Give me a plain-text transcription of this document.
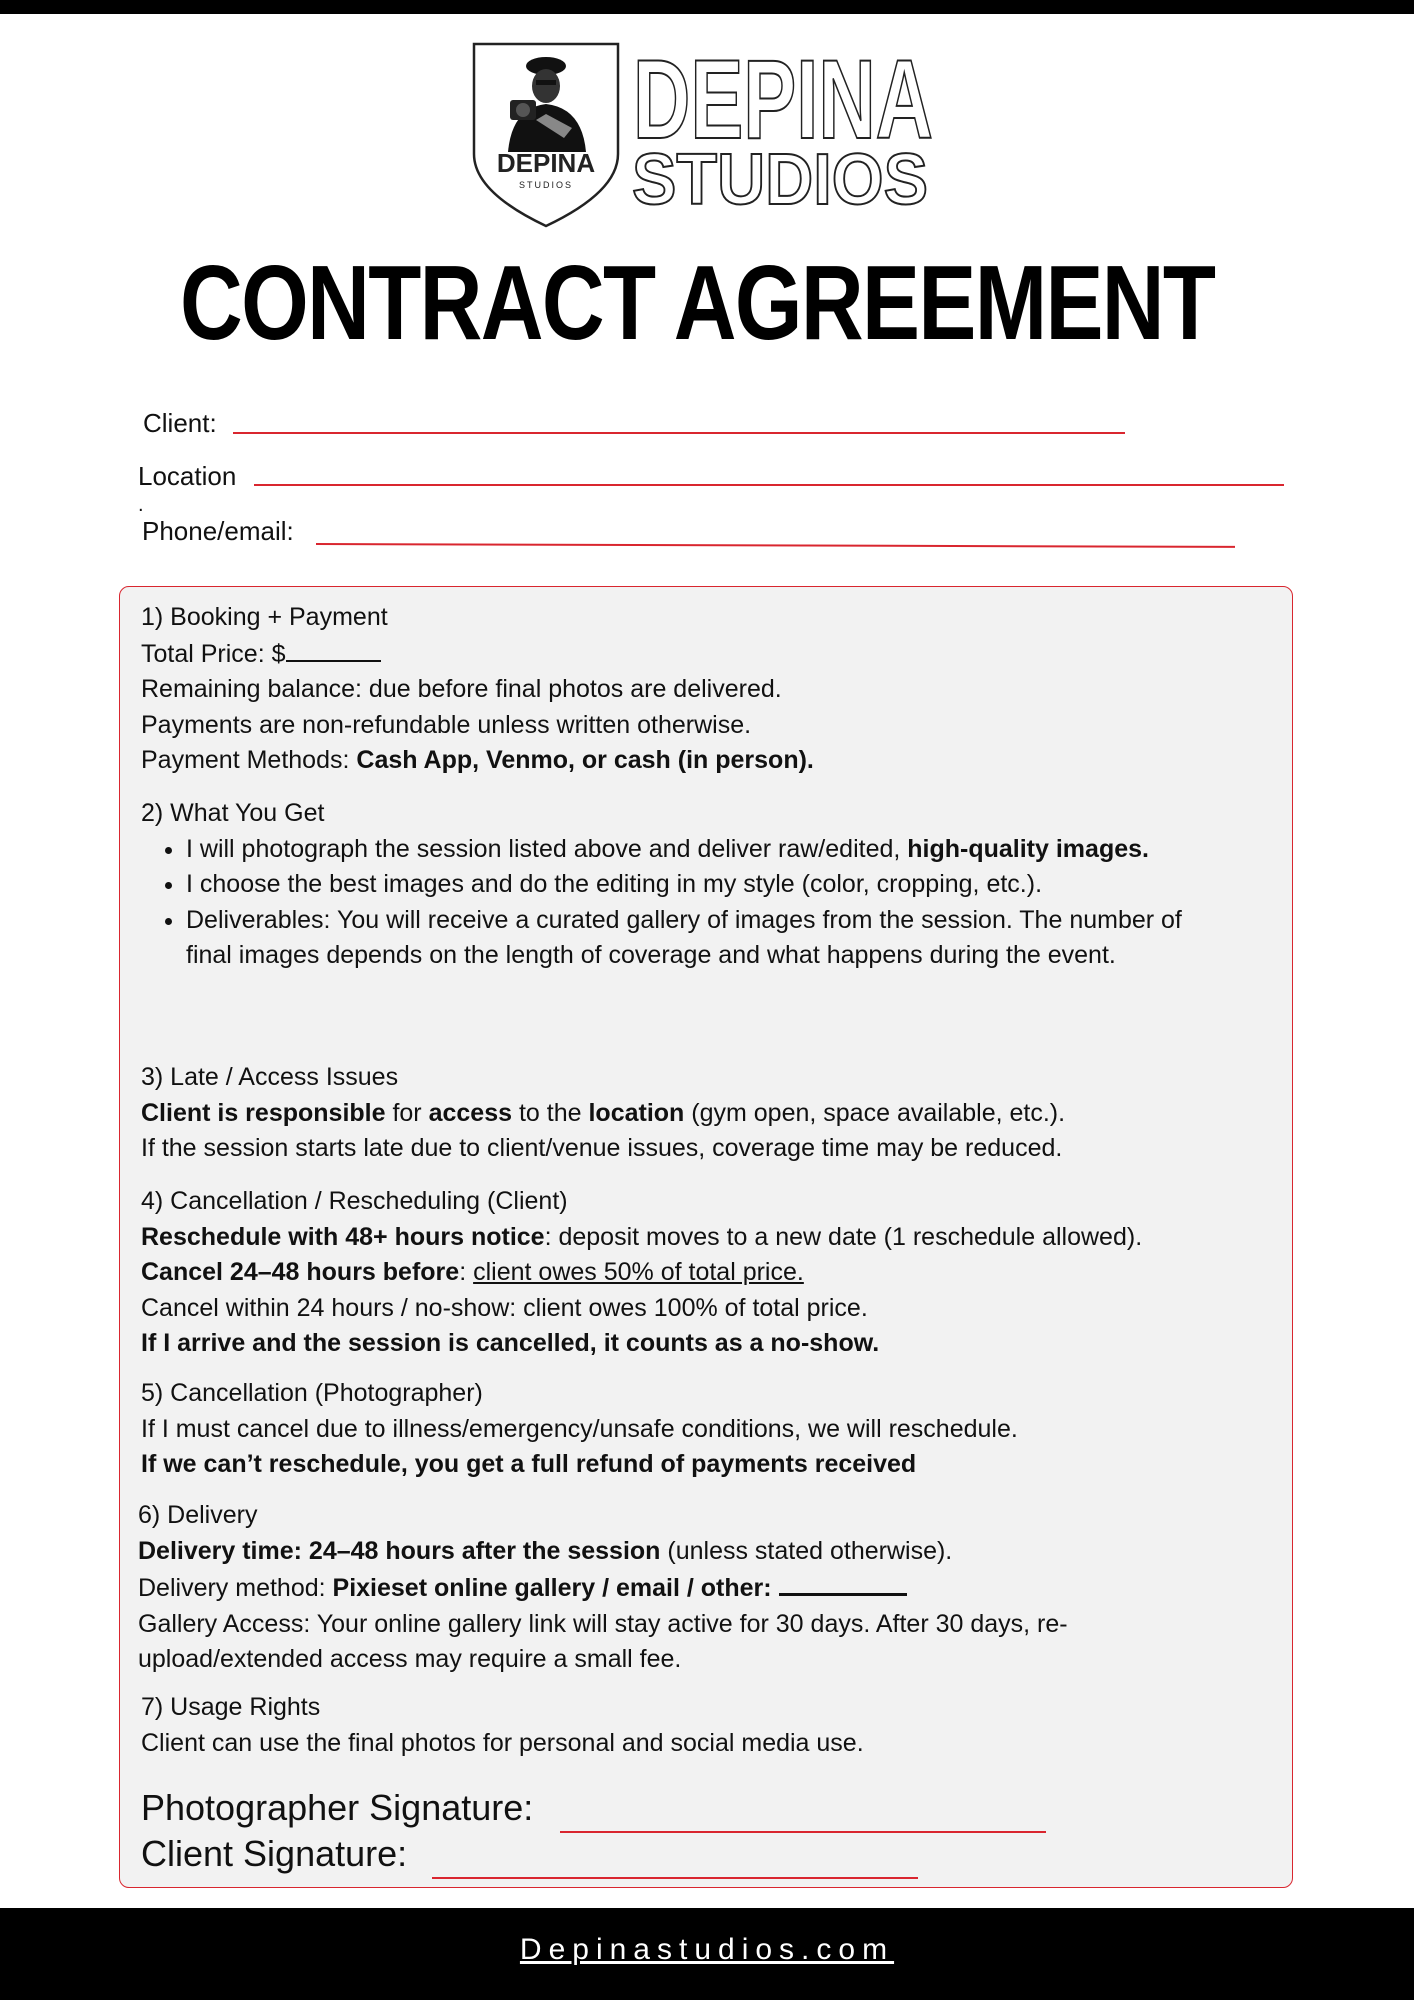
DEPINA
STUDIOS
DEPINA
STUDIOS
CONTRACT AGREEMENT
Client:
Location
.
Phone/email:

1) Booking + Payment

Total Price: $

Remaining balance: due before final photos are delivered.

Payments are non-refundable unless written otherwise.

Payment Methods: Cash App, Venmo, or cash (in person).

2) What You Get

• I will photograph the session listed above and deliver raw/edited, high-quality images.
• I choose the best images and do the editing in my style (color, cropping, etc.).
• Deliverables: You will receive a curated gallery of images from the session. The number of final images depends on the length of coverage and what happens during the event.

3) Late / Access Issues

Client is responsible for access to the location (gym open, space available, etc.).

If the session starts late due to client/venue issues, coverage time may be reduced.

4) Cancellation / Rescheduling (Client)

Reschedule with 48+ hours notice: deposit moves to a new date (1 reschedule allowed).

Cancel 24–48 hours before: client owes 50% of total price.

Cancel within 24 hours / no-show: client owes 100% of total price.

If I arrive and the session is cancelled, it counts as a no-show.

5) Cancellation (Photographer)

If I must cancel due to illness/emergency/unsafe conditions, we will reschedule.

If we can’t reschedule, you get a full refund of payments received

6) Delivery

Delivery time: 24–48 hours after the session (unless stated otherwise).

Delivery method: Pixieset online gallery / email / other:

Gallery Access: Your online gallery link will stay active for 30 days. After 30 days, re-upload/extended access may require a small fee.

7) Usage Rights

Client can use the final photos for personal and social media use.

Photographer Signature:
Client Signature:
Depinastudios.com
